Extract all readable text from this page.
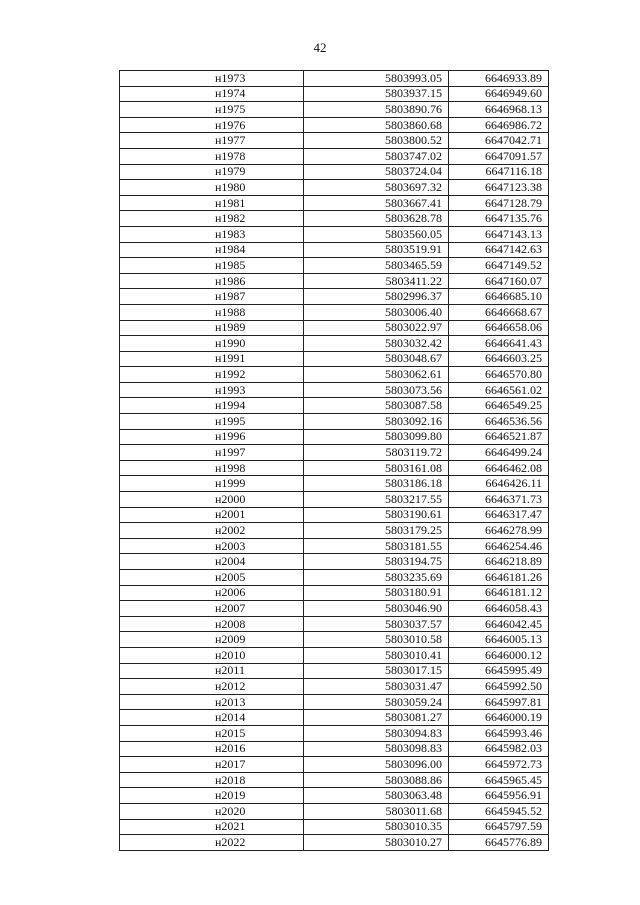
42
н1973	5803993.05	6646933.89
н1974	5803937.15	6646949.60
н1975	5803890.76	6646968.13
н1976	5803860.68	6646986.72
н1977	5803800.52	6647042.71
н1978	5803747.02	6647091.57
н1979	5803724.04	6647116.18
н1980	5803697.32	6647123.38
н1981	5803667.41	6647128.79
н1982	5803628.78	6647135.76
н1983	5803560.05	6647143.13
н1984	5803519.91	6647142.63
н1985	5803465.59	6647149.52
н1986	5803411.22	6647160.07
н1987	5802996.37	6646685.10
н1988	5803006.40	6646668.67
н1989	5803022.97	6646658.06
н1990	5803032.42	6646641.43
н1991	5803048.67	6646603.25
н1992	5803062.61	6646570.80
н1993	5803073.56	6646561.02
н1994	5803087.58	6646549.25
н1995	5803092.16	6646536.56
н1996	5803099.80	6646521.87
н1997	5803119.72	6646499.24
н1998	5803161.08	6646462.08
н1999	5803186.18	6646426.11
н2000	5803217.55	6646371.73
н2001	5803190.61	6646317.47
н2002	5803179.25	6646278.99
н2003	5803181.55	6646254.46
н2004	5803194.75	6646218.89
н2005	5803235.69	6646181.26
н2006	5803180.91	6646181.12
н2007	5803046.90	6646058.43
н2008	5803037.57	6646042.45
н2009	5803010.58	6646005.13
н2010	5803010.41	6646000.12
н2011	5803017.15	6645995.49
н2012	5803031.47	6645992.50
н2013	5803059.24	6645997.81
н2014	5803081.27	6646000.19
н2015	5803094.83	6645993.46
н2016	5803098.83	6645982.03
н2017	5803096.00	6645972.73
н2018	5803088.86	6645965.45
н2019	5803063.48	6645956.91
н2020	5803011.68	6645945.52
н2021	5803010.35	6645797.59
н2022	5803010.27	6645776.89
